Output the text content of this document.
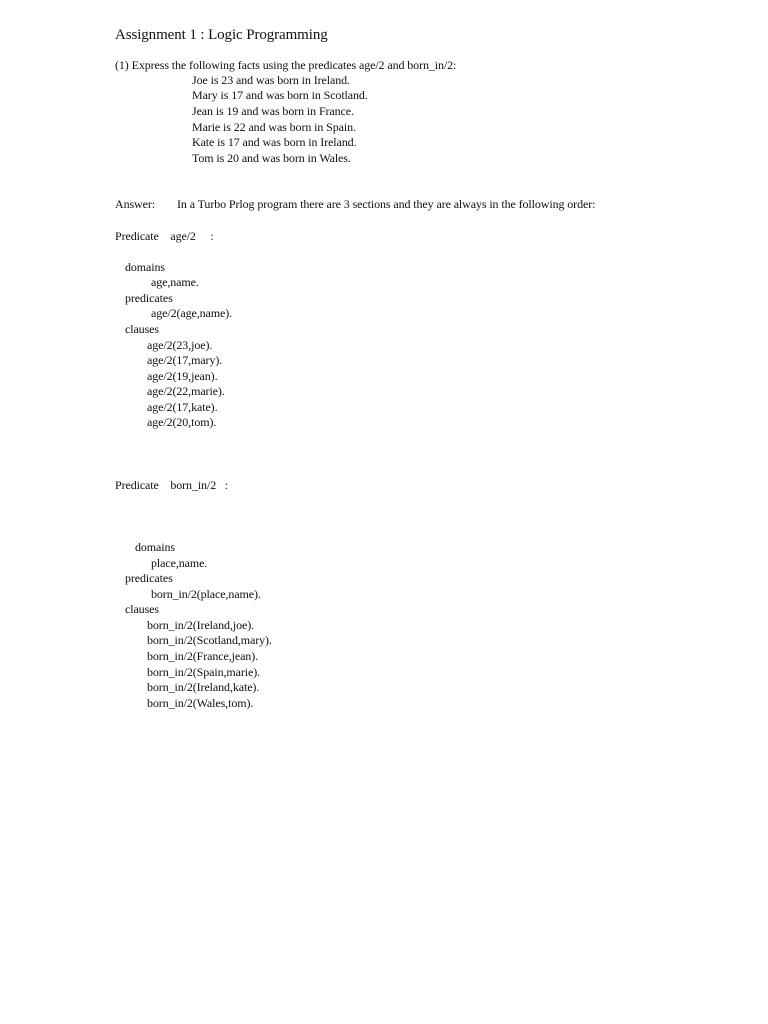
Assignment 1 : Logic Programming
(1) Express the following facts using the predicates age/2 and born_in/2:
Joe is 23 and was born in Ireland.
Mary is 17 and was born in Scotland.
Jean is 19 and was born in France.
Marie is 22 and was born in Spain.
Kate is 17 and was born in Ireland.
Tom is 20 and was born in Wales.
Answer: In a Turbo Prlog program there are 3 sections and they are always in the following order:
Predicate    age/2     :
domains
age,name.
predicates
age/2(age,name).
clauses
age/2(23,joe).
age/2(17,mary).
age/2(19,jean).
age/2(22,marie).
age/2(17,kate).
age/2(20,tom).
Predicate    born_in/2   :
domains
place,name.
predicates
born_in/2(place,name).
clauses
born_in/2(Ireland,joe).
born_in/2(Scotland,mary).
born_in/2(France,jean).
born_in/2(Spain,marie).
born_in/2(Ireland,kate).
born_in/2(Wales,tom).
